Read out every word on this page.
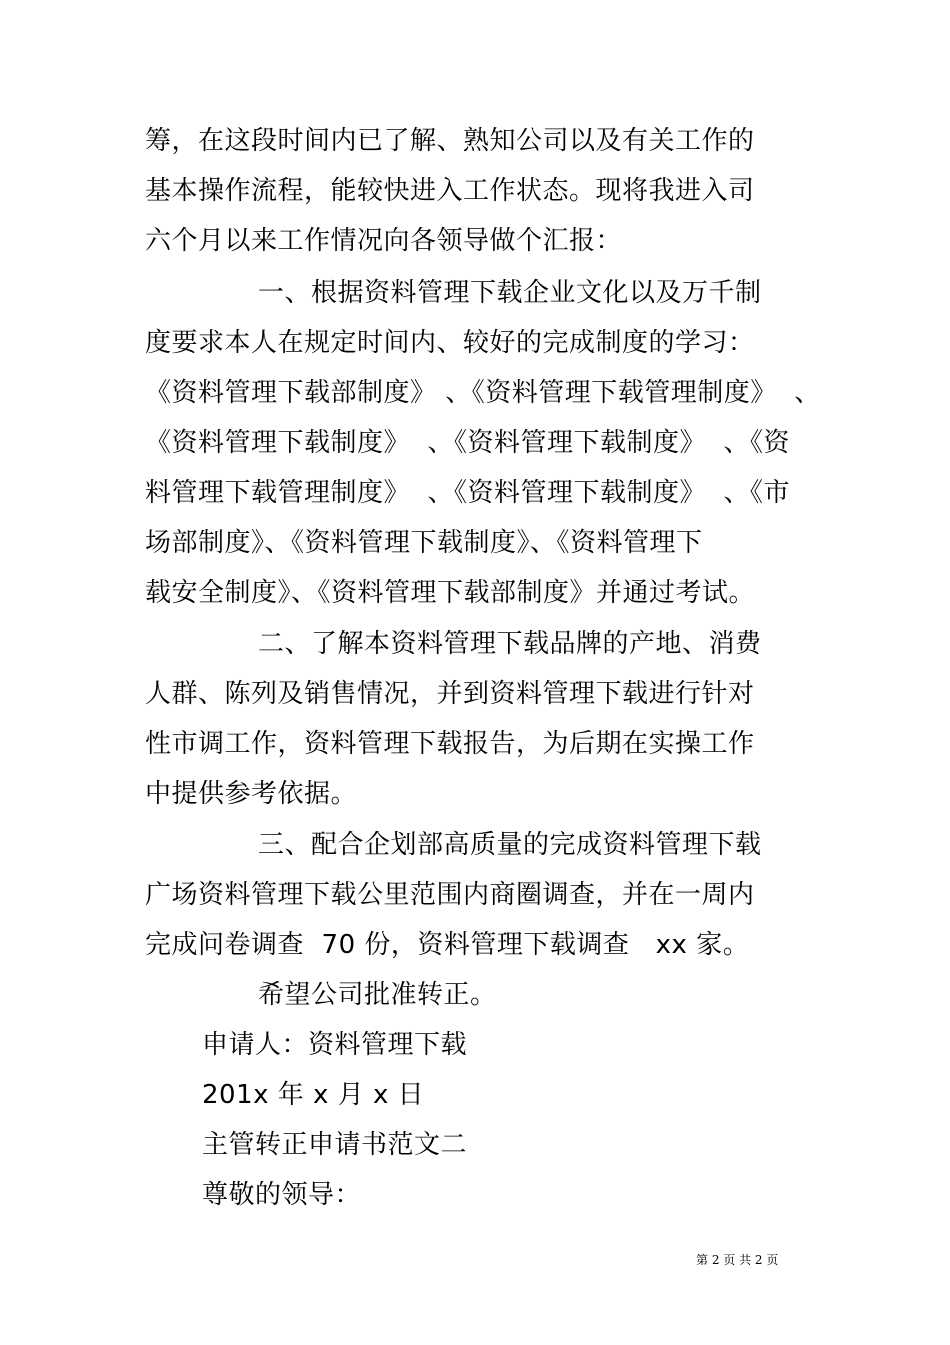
筹，在这段时间内已了解、熟知公司以及有关工作的
基本操作流程，能较快进入工作状态。现将我进入司
六个月以来工作情况向各领导做个汇报：
一、根据资料管理下载企业文化以及万千制
度要求本人在规定时间内、较好的完成制度的学习：
《资料管理下载部制度》 、《资料管理下载管理制度》  、
《资料管理下载制度》  、《资料管理下载制度》  、《资
料管理下载管理制度》  、《资料管理下载制度》  、《市
场部制度》、《资料管理下载制度》、《资料管理下
载安全制度》、《资料管理下载部制度》并通过考试。
二、了解本资料管理下载品牌的产地、消费
人群、陈列及销售情况，并到资料管理下载进行针对
性市调工作，资料管理下载报告，为后期在实操工作
中提供参考依据。
三、配合企划部高质量的完成资料管理下载
广场资料管理下载公里范围内商圈调查，并在一周内
完成问卷调查  70 份，资料管理下载调查   xx 家。
希望公司批准转正。
申请人：资料管理下载
201x 年 x 月 x 日
主管转正申请书范文二
尊敬的领导：
第 2 页 共 2 页
